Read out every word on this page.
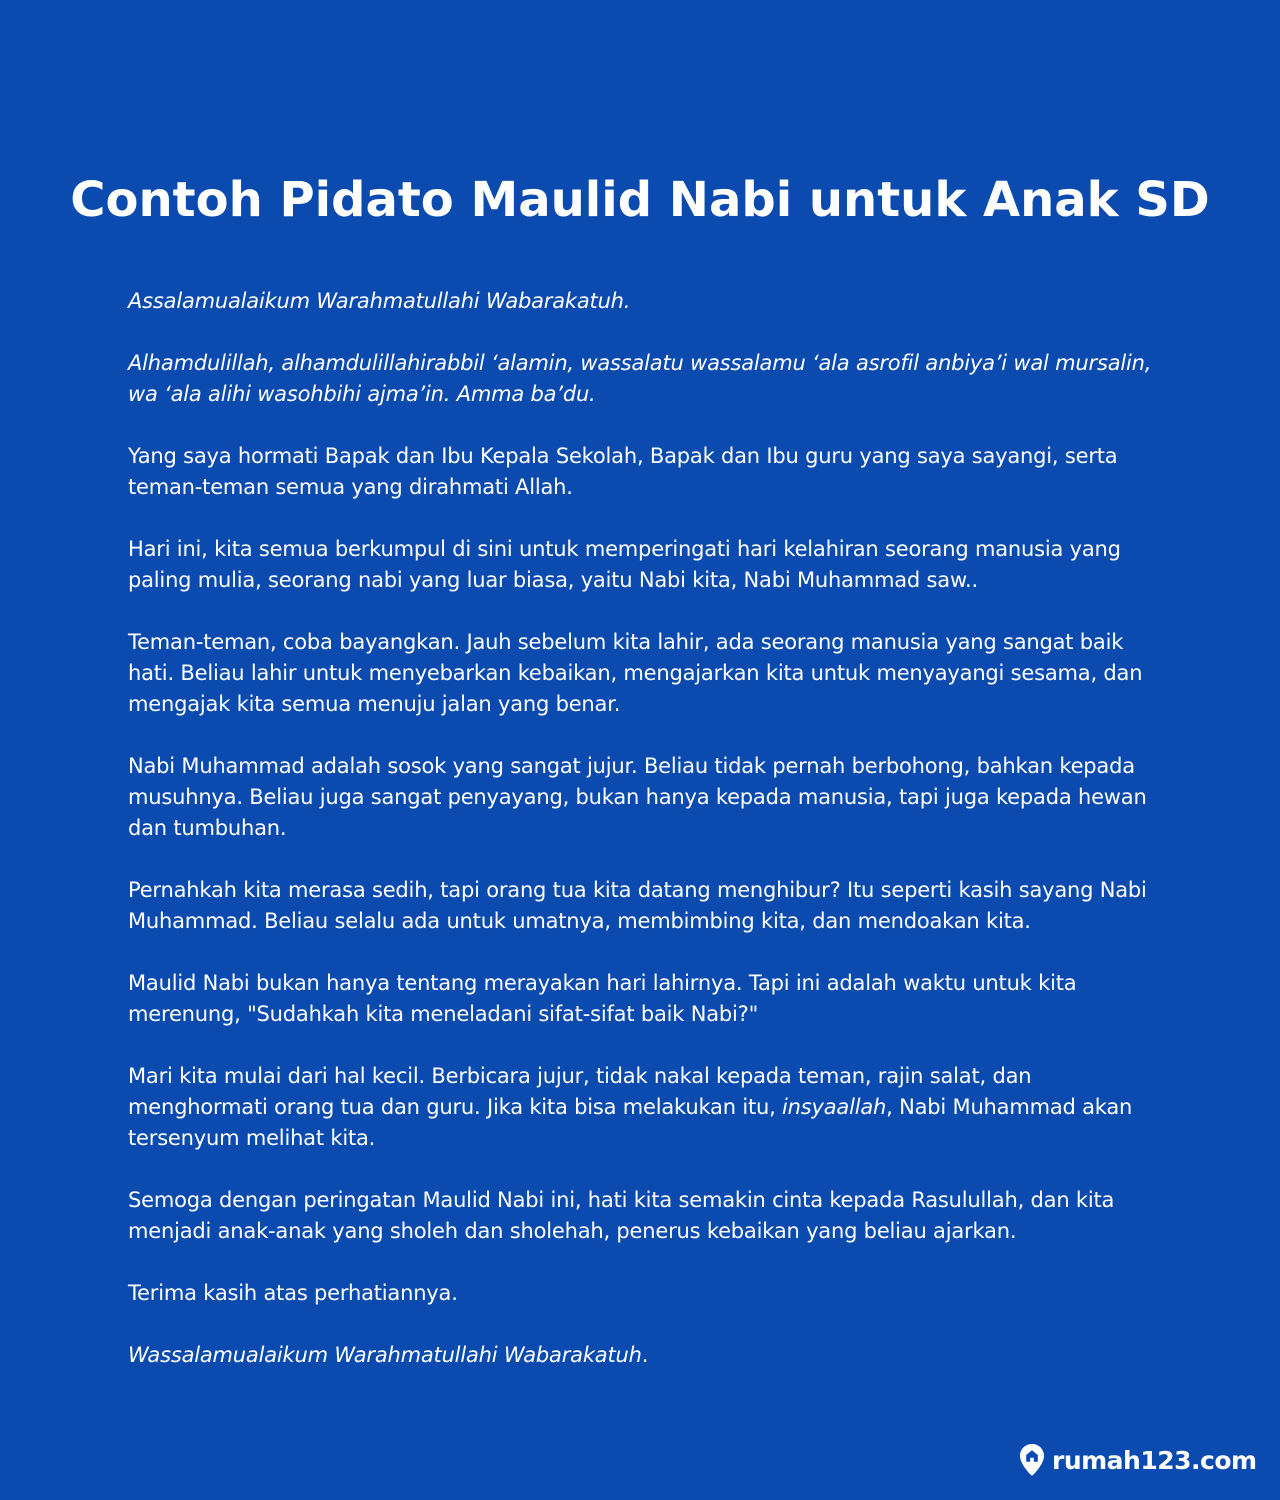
Contoh Pidato Maulid Nabi untuk Anak SD

Assalamualaikum Warahmatullahi Wabarakatuh.

Alhamdulillah, alhamdulillahirabbil ‘alamin, wassalatu wassalamu ‘ala asrofil anbiya’i wal mursalin, wa ‘ala alihi wasohbihi ajma’in. Amma ba’du.

Yang saya hormati Bapak dan Ibu Kepala Sekolah, Bapak dan Ibu guru yang saya sayangi, serta teman-teman semua yang dirahmati Allah.

Hari ini, kita semua berkumpul di sini untuk memperingati hari kelahiran seorang manusia yang paling mulia, seorang nabi yang luar biasa, yaitu Nabi kita, Nabi Muhammad saw..

Teman-teman, coba bayangkan. Jauh sebelum kita lahir, ada seorang manusia yang sangat baik hati. Beliau lahir untuk menyebarkan kebaikan, mengajarkan kita untuk menyayangi sesama, dan mengajak kita semua menuju jalan yang benar.

Nabi Muhammad adalah sosok yang sangat jujur. Beliau tidak pernah berbohong, bahkan kepada musuhnya. Beliau juga sangat penyayang, bukan hanya kepada manusia, tapi juga kepada hewan dan tumbuhan.

Pernahkah kita merasa sedih, tapi orang tua kita datang menghibur? Itu seperti kasih sayang Nabi Muhammad. Beliau selalu ada untuk umatnya, membimbing kita, dan mendoakan kita.

Maulid Nabi bukan hanya tentang merayakan hari lahirnya. Tapi ini adalah waktu untuk kita merenung, "Sudahkah kita meneladani sifat-sifat baik Nabi?"

Mari kita mulai dari hal kecil. Berbicara jujur, tidak nakal kepada teman, rajin salat, dan menghormati orang tua dan guru. Jika kita bisa melakukan itu, insyaallah, Nabi Muhammad akan tersenyum melihat kita.

Semoga dengan peringatan Maulid Nabi ini, hati kita semakin cinta kepada Rasulullah, dan kita menjadi anak-anak yang sholeh dan sholehah, penerus kebaikan yang beliau ajarkan.

Terima kasih atas perhatiannya.

Wassalamualaikum Warahmatullahi Wabarakatuh.

rumah123.com
